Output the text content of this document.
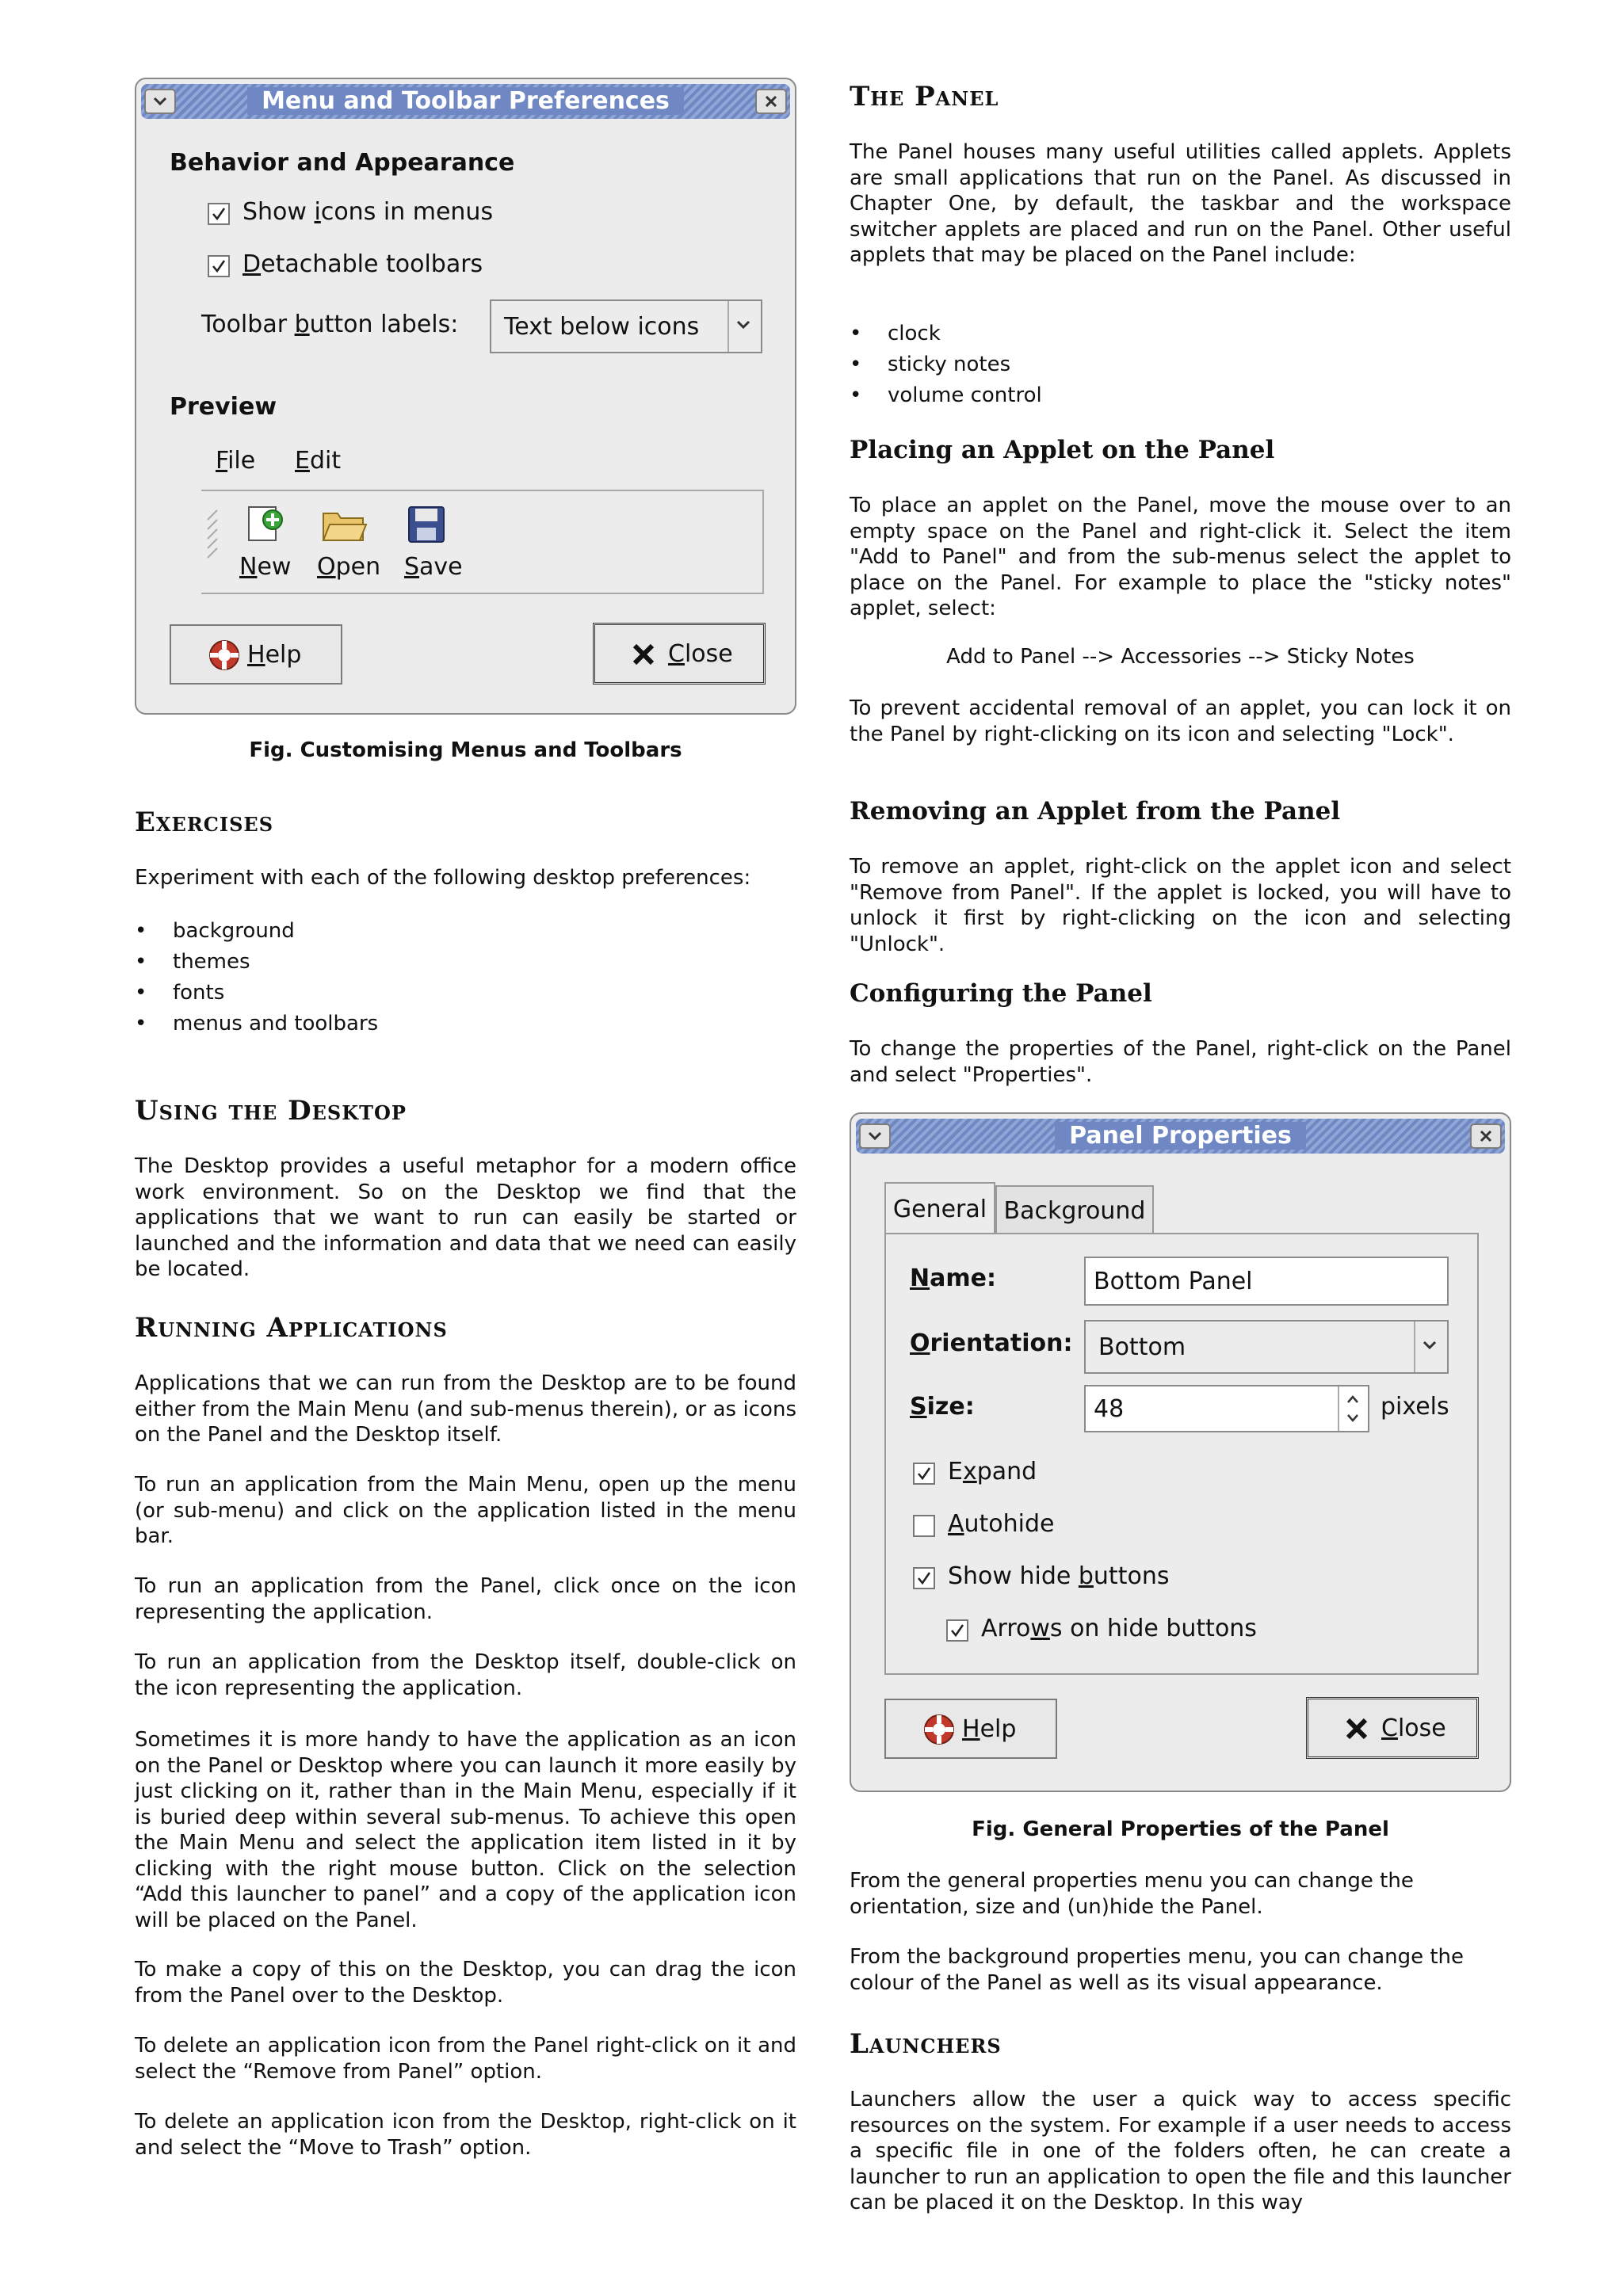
Menu and Toolbar Preferences
Behavior and Appearance
Show icons in menus
Detachable toolbars
Toolbar button labels: Text below icons
Preview
File Edit
New Open Save
H elp	C lose

Fig. Customising Menus and Toolbars

Exercises

Experiment with each of the following desktop preferences:

• background
• themes
• fonts
• menus and toolbars
Using the Desktop

The Desktop provides a useful metaphor for a modern office work environment. So on the Desktop we find that the applications that we want to run can easily be started or launched and the information and data that we need can easily be located.

Running Applications

Applications that we can run from the Desktop are to be found either from the Main Menu (and sub-menus therein), or as icons on the Panel and the Desktop itself.

To run an application from the Main Menu, open up the menu (or sub-menu) and click on the application listed in the menu bar.

To run an application from the Panel, click once on the icon representing the application.

To run an application from the Desktop itself, double-click on the icon representing the application.

Sometimes it is more handy to have the application as an icon on the Panel or Desktop where you can launch it more easily by just clicking on it, rather than in the Main Menu, especially if it is buried deep within several sub-menus. To achieve this open the Main Menu and select the application item listed in it by clicking with the right mouse button. Click on the selection “Add this launcher to panel” and a copy of the application icon will be placed on the Panel.

To make a copy of this on the Desktop, you can drag the icon from the Panel over to the Desktop.

To delete an application icon from the Panel right-click on it and select the “Remove from Panel” option.

To delete an application icon from the Desktop, right-click on it and select the “Move to Trash” option.

The Panel

The Panel houses many useful utilities called applets. Applets are small applications that run on the Panel. As discussed in Chapter One, by default, the taskbar and the workspace switcher applets are placed and run on the Panel. Other useful applets that may be placed on the Panel include:

• clock
• sticky notes
• volume control
Placing an Applet on the Panel

To place an applet on the Panel, move the mouse over to an empty space on the Panel and right-click it. Select the item "Add to Panel" and from the sub-menus select the applet to place on the Panel. For example to place the "sticky notes" applet, select:

Add to Panel --> Accessories --> Sticky Notes

To prevent accidental removal of an applet, you can lock it on the Panel by right-clicking on its icon and selecting "Lock".

Removing an Applet from the Panel

To remove an applet, right-click on the applet icon and select "Remove from Panel". If the applet is locked, you will have to unlock it first by right-clicking on the icon and selecting "Unlock".

Configuring the Panel

To change the properties of the Panel, right-click on the Panel and select "Properties".

Panel Properties
General Background
Name:	Bottom Panel
Orientation: Bottom
Size:	48	pixels
Expand
Autohide
Show hide buttons
Arrows on hide buttons
H elp	C lose

Fig. General Properties of the Panel

From the general properties menu you can change the orientation, size and (un)hide the Panel.

From the background properties menu, you can change the colour of the Panel as well as its visual appearance.

Launchers

Launchers allow the user a quick way to access specific resources on the system. For example if a user needs to access a specific file in one of the folders often, he can create a launcher to run an application to open the file and this launcher can be placed it on the Desktop. In this way
